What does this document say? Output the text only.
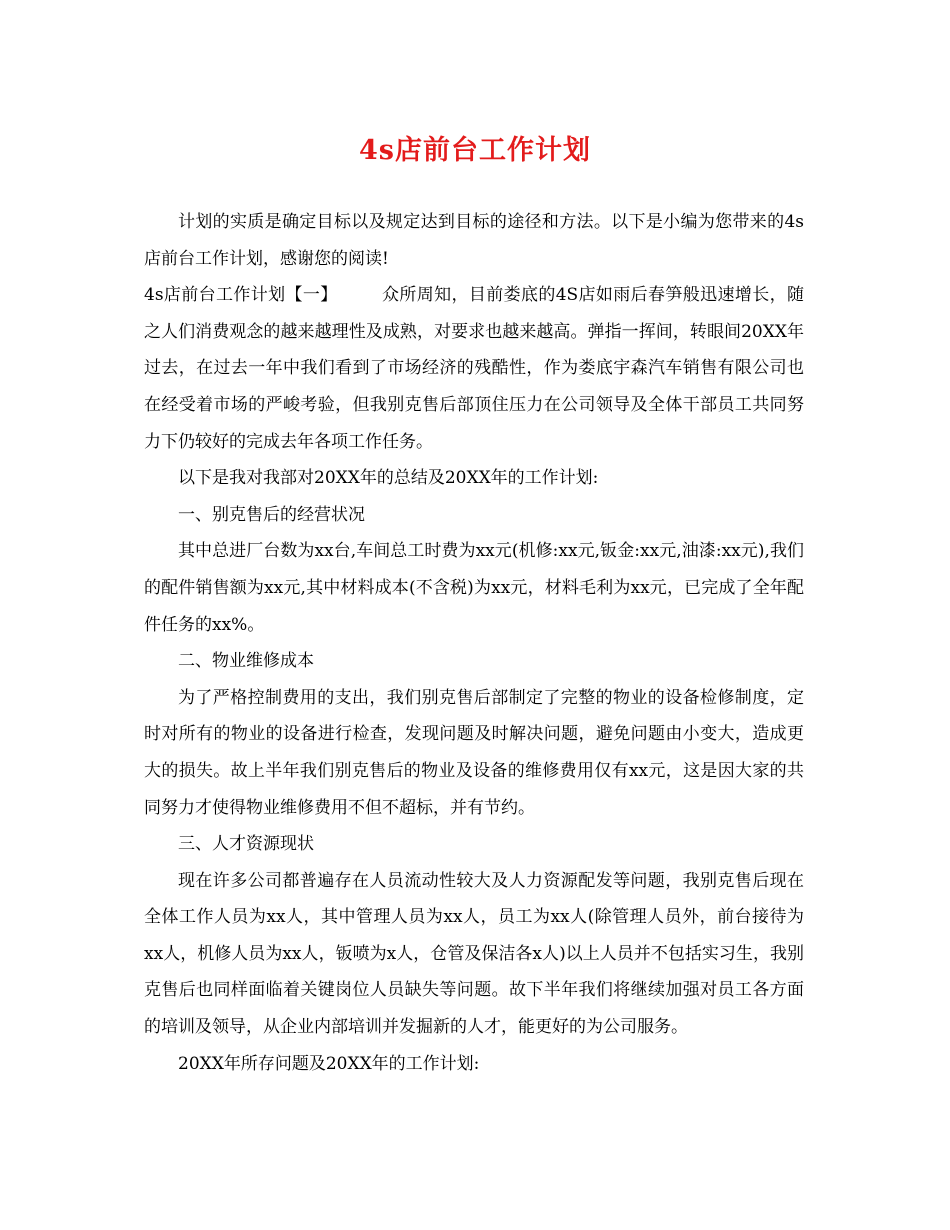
4s店前台工作计划

计划的实质是确定目标以及规定达到目标的途径和方法。以下是小编为您带来的4s店前台工作计划，感谢您的阅读!

4s店前台工作计划【一】	众所周知，目前娄底的4S店如雨后春笋般迅速增长，随之人们消费观念的越来越理性及成熟，对要求也越来越高。弹指一挥间，转眼间20XX年过去，在过去一年中我们看到了市场经济的残酷性，作为娄底宇森汽车销售有限公司也在经受着市场的严峻考验，但我别克售后部顶住压力在公司领导及全体干部员工共同努力下仍较好的完成去年各项工作任务。

以下是我对我部对20XX年的总结及20XX年的工作计划:

一、别克售后的经营状况

其中总进厂台数为xx台,车间总工时费为xx元(机修:xx元,钣金:xx元,油漆:xx元),我们的配件销售额为xx元,其中材料成本(不含税)为xx元，材料毛利为xx元，已完成了全年配件任务的xx%。

二、物业维修成本

为了严格控制费用的支出，我们别克售后部制定了完整的物业的设备检修制度，定时对所有的物业的设备进行检查，发现问题及时解决问题，避免问题由小变大，造成更大的损失。故上半年我们别克售后的物业及设备的维修费用仅有xx元，这是因大家的共同努力才使得物业维修费用不但不超标，并有节约。

三、人才资源现状

现在许多公司都普遍存在人员流动性较大及人力资源配发等问题，我别克售后现在全体工作人员为xx人，其中管理人员为xx人，员工为xx人(除管理人员外，前台接待为xx人，机修人员为xx人，钣喷为x人，仓管及保洁各x人)以上人员并不包括实习生，我别克售后也同样面临着关键岗位人员缺失等问题。故下半年我们将继续加强对员工各方面的培训及领导，从企业内部培训并发掘新的人才，能更好的为公司服务。

20XX年所存问题及20XX年的工作计划:
